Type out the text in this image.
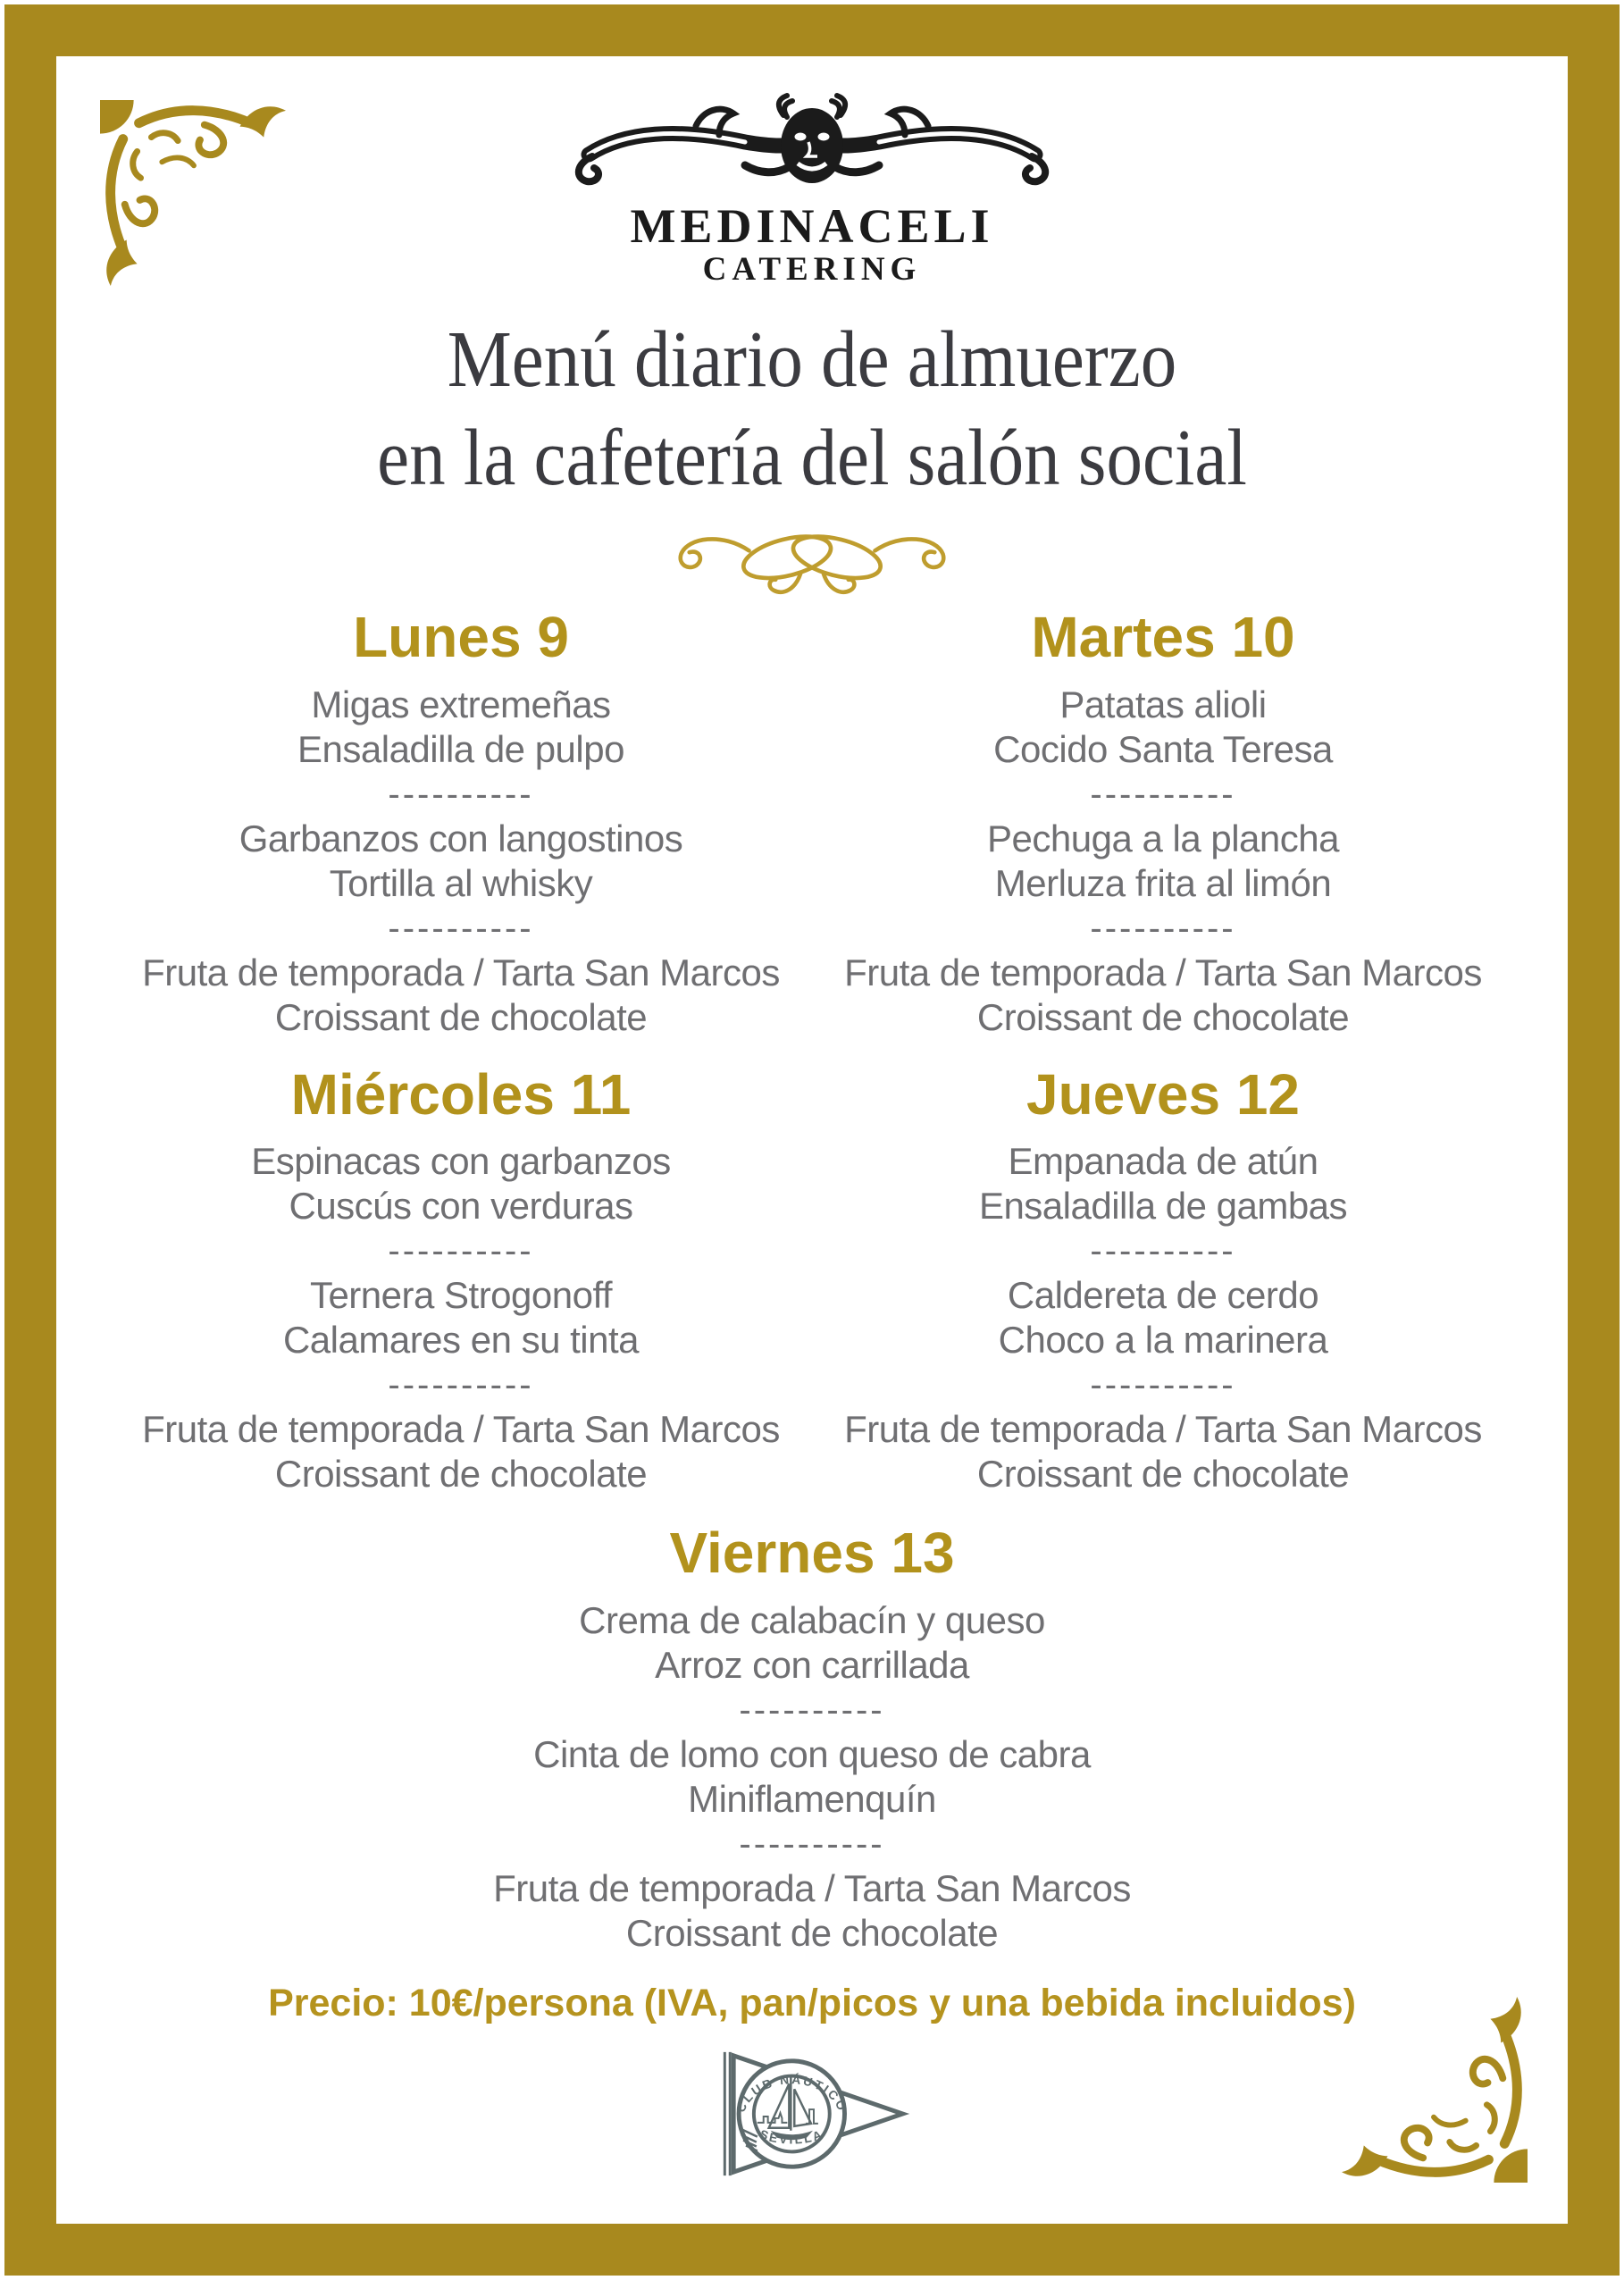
MEDINACELI
CATERING
Menú diario de almuerzo
en la cafetería del salón social
Lunes 9

Migas extremeñas

Ensaladilla de pulpo

----------

Garbanzos con langostinos

Tortilla al whisky

----------

Fruta de temporada / Tarta San Marcos

Croissant de chocolate

Martes 10

Patatas alioli

Cocido Santa Teresa

----------

Pechuga a la plancha

Merluza frita al limón

----------

Fruta de temporada / Tarta San Marcos

Croissant de chocolate

Miércoles 11

Espinacas con garbanzos

Cuscús con verduras

----------

Ternera Strogonoff

Calamares en su tinta

----------

Fruta de temporada / Tarta San Marcos

Croissant de chocolate

Jueves 12

Empanada de atún

Ensaladilla de gambas

----------

Caldereta de cerdo

Choco a la marinera

----------

Fruta de temporada / Tarta San Marcos

Croissant de chocolate

Viernes 13

Crema de calabacín y queso

Arroz con carrillada

----------

Cinta de lomo con queso de cabra

Miniflamenquín

----------

Fruta de temporada / Tarta San Marcos

Croissant de chocolate

Precio: 10€/persona (IVA, pan/picos y una bebida incluidos)

CLUB NÁUTICO
SEVILLA
